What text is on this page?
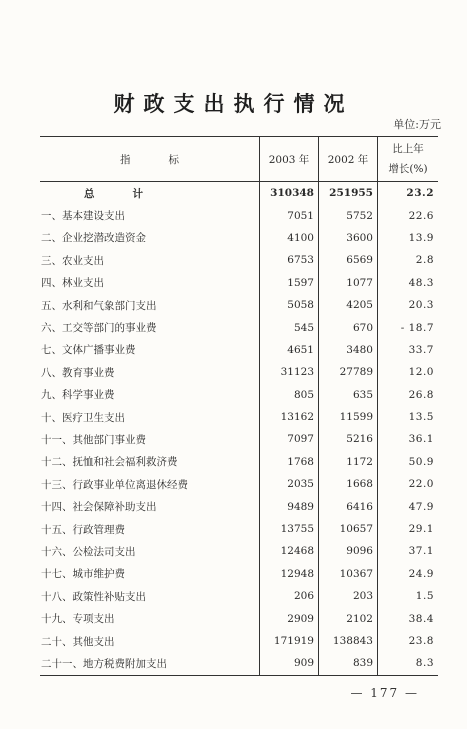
财政支出执行情况
单位:万元
指标	2003 年	2002 年	比上年
增长(%)
总计	310348	251955	23.2
一、基本建设支出	7051	5752	22.6
二、企业挖潜改造资金	4100	3600	13.9
三、农业支出	6753	6569	2.8
四、林业支出	1597	1077	48.3
五、水利和气象部门支出	5058	4205	20.3
六、工交等部门的事业费	545	670	- 18.7
七、文体广播事业费	4651	3480	33.7
八、教育事业费	31123	27789	12.0
九、科学事业费	805	635	26.8
十、医疗卫生支出	13162	11599	13.5
十一、其他部门事业费	7097	5216	36.1
十二、抚恤和社会福利救济费	1768	1172	50.9
十三、行政事业单位离退休经费	2035	1668	22.0
十四、社会保障补助支出	9489	6416	47.9
十五、行政管理费	13755	10657	29.1
十六、公检法司支出	12468	9096	37.1
十七、城市维护费	12948	10367	24.9
十八、政策性补贴支出	206	203	1.5
十九、专项支出	2909	2102	38.4
二十、其他支出	171919	138843	23.8
二十一、地方税费附加支出	909	839	8.3
— 177 —
